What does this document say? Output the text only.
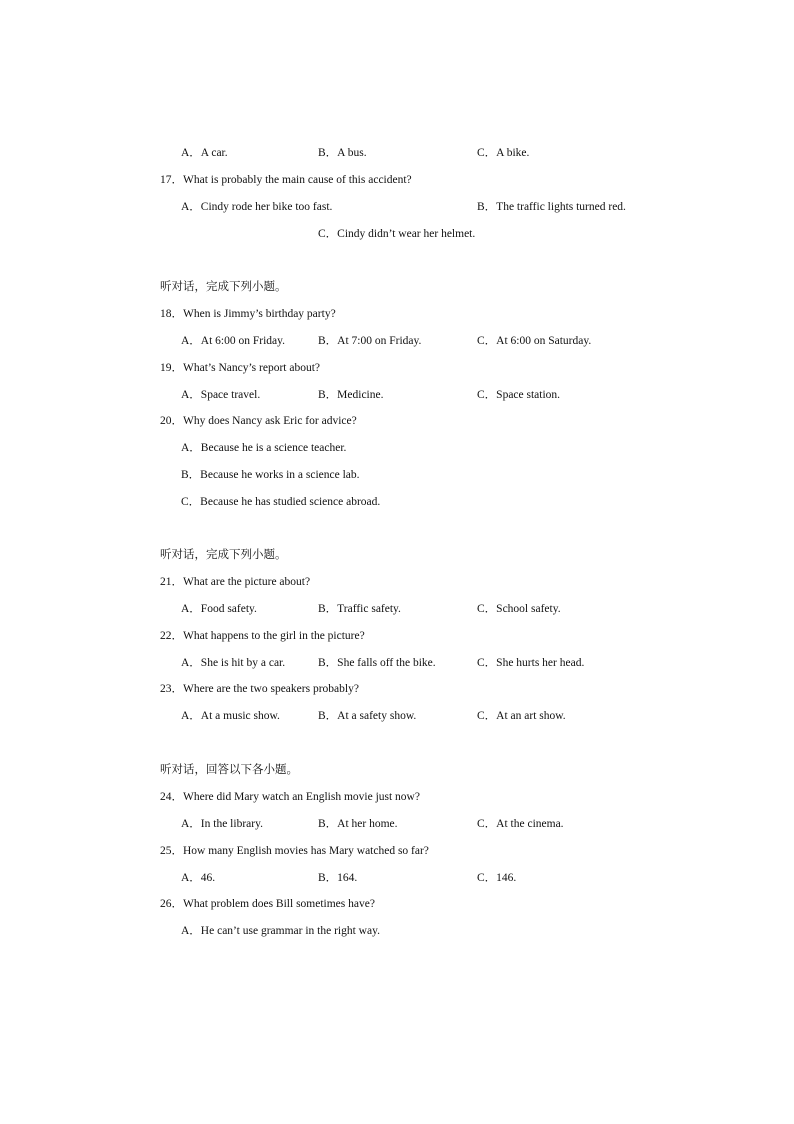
A．A car.	B．A bus.	C．A bike.
17．What is probably the main cause of this accident?
A．Cindy rode her bike too fast.	B．The traffic lights turned red.
C．Cindy didn’t wear her helmet.
听对话，完成下列小题。
18．When is Jimmy’s birthday party?
A．At 6:00 on Friday.	B．At 7:00 on Friday.	C．At 6:00 on Saturday.
19．What’s Nancy’s report about?
A．Space travel.	B．Medicine.	C．Space station.
20．Why does Nancy ask Eric for advice?
A．Because he is a science teacher.
B．Because he works in a science lab.
C．Because he has studied science abroad.
听对话，完成下列小题。
21．What are the picture about?
A．Food safety.	B．Traffic safety.	C．School safety.
22．What happens to the girl in the picture?
A．She is hit by a car.	B．She falls off the bike.	C．She hurts her head.
23．Where are the two speakers probably?
A．At a music show.	B．At a safety show.	C．At an art show.
听对话，回答以下各小题。
24．Where did Mary watch an English movie just now?
A．In the library.	B．At her home.	C．At the cinema.
25．How many English movies has Mary watched so far?
A．46.	B．164.	C．146.
26．What problem does Bill sometimes have?
A．He can’t use grammar in the right way.
